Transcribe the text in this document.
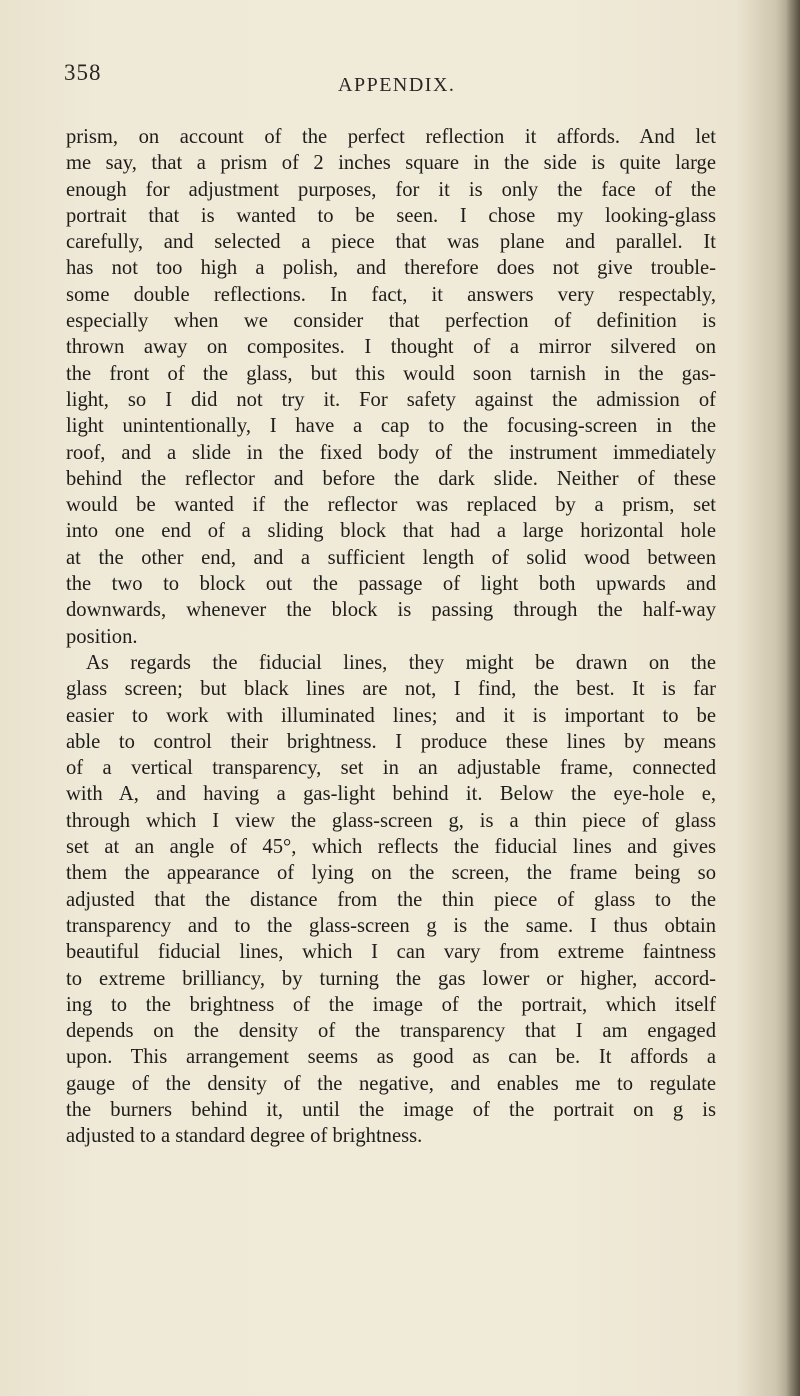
358	APPENDIX.
prism, on account of the perfect reflection it affords. And let
me say, that a prism of 2 inches square in the side is quite large
enough for adjustment purposes, for it is only the face of the
portrait that is wanted to be seen. I chose my looking-glass
carefully, and selected a piece that was plane and parallel. It
has not too high a polish, and therefore does not give trouble-
some double reflections. In fact, it answers very respectably,
especially when we consider that perfection of definition is
thrown away on composites. I thought of a mirror silvered on
the front of the glass, but this would soon tarnish in the gas-
light, so I did not try it. For safety against the admission of
light unintentionally, I have a cap to the focusing-screen in the
roof, and a slide in the fixed body of the instrument immediately
behind the reflector and before the dark slide. Neither of these
would be wanted if the reflector was replaced by a prism, set
into one end of a sliding block that had a large horizontal hole
at the other end, and a sufficient length of solid wood between
the two to block out the passage of light both upwards and
downwards, whenever the block is passing through the half-way
position.
As regards the fiducial lines, they might be drawn on the
glass screen; but black lines are not, I find, the best. It is far
easier to work with illuminated lines; and it is important to be
able to control their brightness. I produce these lines by means
of a vertical transparency, set in an adjustable frame, connected
with A, and having a gas-light behind it. Below the eye-hole e,
through which I view the glass-screen g, is a thin piece of glass
set at an angle of 45°, which reflects the fiducial lines and gives
them the appearance of lying on the screen, the frame being so
adjusted that the distance from the thin piece of glass to the
transparency and to the glass-screen g is the same. I thus obtain
beautiful fiducial lines, which I can vary from extreme faintness
to extreme brilliancy, by turning the gas lower or higher, accord-
ing to the brightness of the image of the portrait, which itself
depends on the density of the transparency that I am engaged
upon. This arrangement seems as good as can be. It affords a
gauge of the density of the negative, and enables me to regulate
the burners behind it, until the image of the portrait on g is
adjusted to a standard degree of brightness.
